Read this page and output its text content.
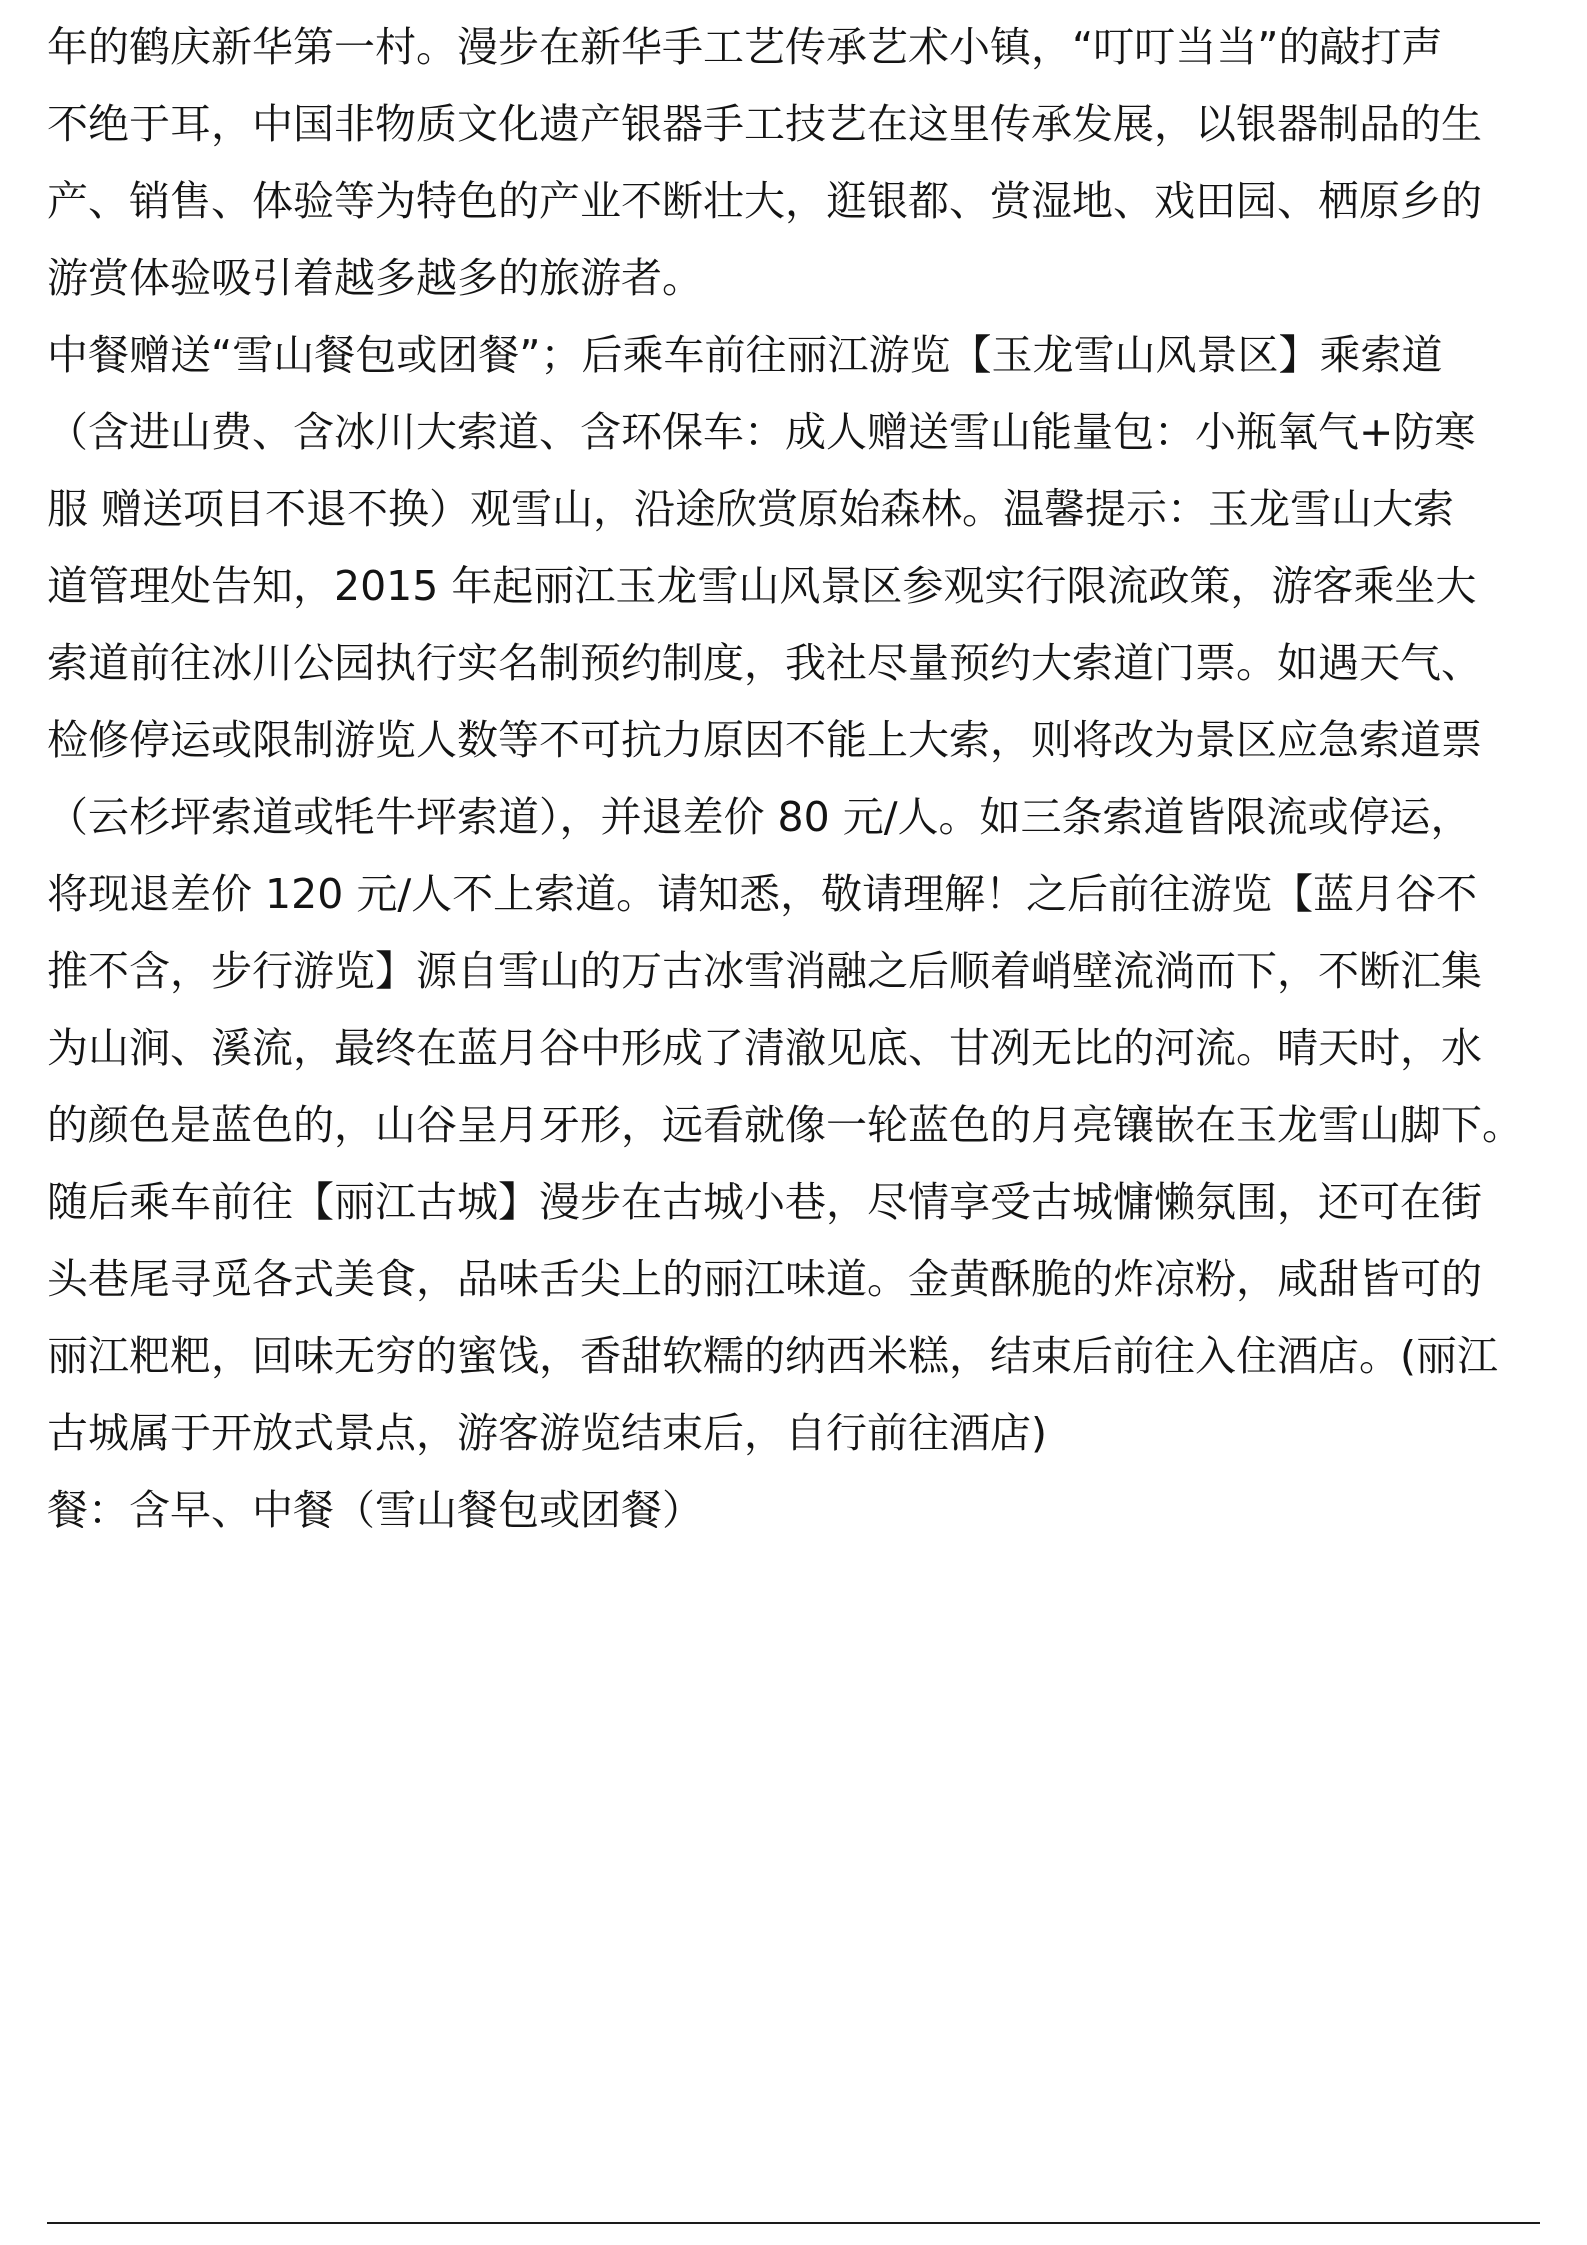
年的鹤庆新华第一村。漫步在新华手工艺传承艺术小镇，“叮叮当当”的敲打声
不绝于耳，中国非物质文化遗产银器手工技艺在这里传承发展，以银器制品的生
产、销售、体验等为特色的产业不断壮大，逛银都、赏湿地、戏田园、栖原乡的
游赏体验吸引着越多越多的旅游者。
中餐赠送“雪山餐包或团餐”；后乘车前往丽江游览【玉龙雪山风景区】乘索道
（含进山费、含冰川大索道、含环保车：成人赠送雪山能量包：小瓶氧气+防寒
服 赠送项目不退不换）观雪山，沿途欣赏原始森林。温馨提示：玉龙雪山大索
道管理处告知，2015 年起丽江玉龙雪山风景区参观实行限流政策，游客乘坐大
索道前往冰川公园执行实名制预约制度，我社尽量预约大索道门票。如遇天气、
检修停运或限制游览人数等不可抗力原因不能上大索，则将改为景区应急索道票
（云杉坪索道或牦牛坪索道），并退差价 80 元/人。如三条索道皆限流或停运，
将现退差价 120 元/人不上索道。请知悉，敬请理解！之后前往游览【蓝月谷不
推不含，步行游览】源自雪山的万古冰雪消融之后顺着峭壁流淌而下，不断汇集
为山涧、溪流，最终在蓝月谷中形成了清澈见底、甘冽无比的河流。晴天时，水
的颜色是蓝色的，山谷呈月牙形，远看就像一轮蓝色的月亮镶嵌在玉龙雪山脚下。
随后乘车前往【丽江古城】漫步在古城小巷，尽情享受古城慵懒氛围，还可在街
头巷尾寻觅各式美食，品味舌尖上的丽江味道。金黄酥脆的炸凉粉，咸甜皆可的
丽江粑粑，回味无穷的蜜饯，香甜软糯的纳西米糕，结束后前往入住酒店。(丽江
古城属于开放式景点，游客游览结束后，自行前往酒店)
餐：含早、中餐（雪山餐包或团餐）
